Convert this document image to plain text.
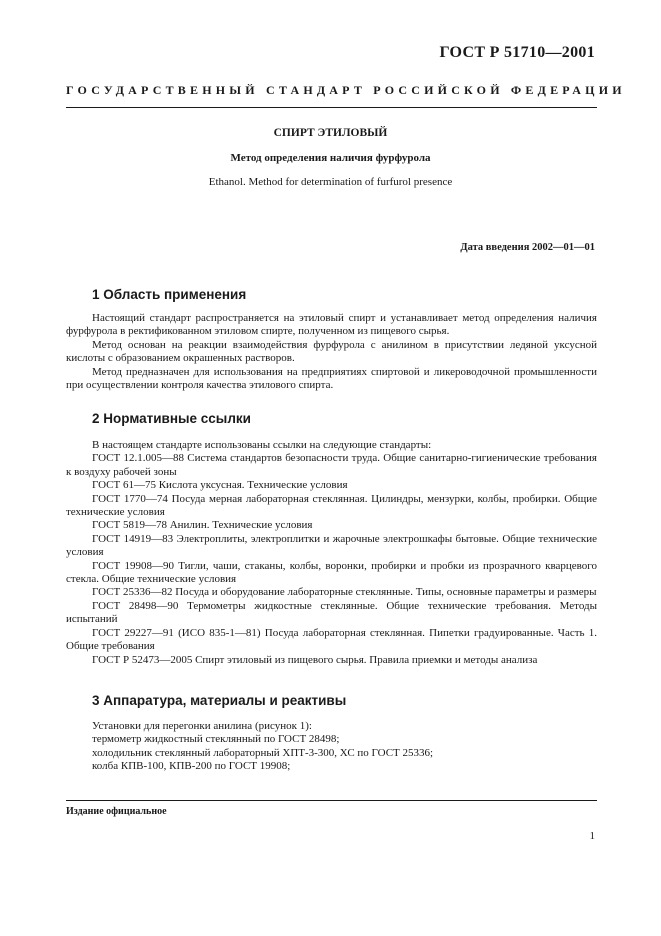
ГОСТ Р 51710—2001
ГОСУДАРСТВЕННЫЙ СТАНДАРТ РОССИЙСКОЙ ФЕДЕРАЦИИ
СПИРТ ЭТИЛОВЫЙ
Метод определения наличия фурфурола
Ethanol. Method for determination of furfurol presence
Дата введения 2002—01—01
1 Область применения

Настоящий стандарт распространяется на этиловый спирт и устанавливает метод определения наличия фурфурола в ректификованном этиловом спирте, полученном из пищевого сырья.

Метод основан на реакции взаимодействия фурфурола с анилином в присутствии ледяной уксусной кислоты с образованием окрашенных растворов.

Метод предназначен для использования на предприятиях спиртовой и ликероводочной промышленности при осуществлении контроля качества этилового спирта.

2 Нормативные ссылки

В настоящем стандарте использованы ссылки на следующие стандарты:

ГОСТ 12.1.005—88 Система стандартов безопасности труда. Общие санитарно-гигиенические требования к воздуху рабочей зоны

ГОСТ 61—75 Кислота уксусная. Технические условия

ГОСТ 1770—74 Посуда мерная лабораторная стеклянная. Цилиндры, мензурки, колбы, пробирки. Общие технические условия

ГОСТ 5819—78 Анилин. Технические условия

ГОСТ 14919—83 Электроплиты, электроплитки и жарочные электрошкафы бытовые. Общие технические условия

ГОСТ 19908—90 Тигли, чаши, стаканы, колбы, воронки, пробирки и пробки из прозрачного кварцевого стекла. Общие технические условия

ГОСТ 25336—82 Посуда и оборудование лабораторные стеклянные. Типы, основные параметры и размеры

ГОСТ 28498—90 Термометры жидкостные стеклянные. Общие технические требования. Методы испытаний

ГОСТ 29227—91 (ИСО 835-1—81) Посуда лабораторная стеклянная. Пипетки градуированные. Часть 1. Общие требования

ГОСТ Р 52473—2005 Спирт этиловый из пищевого сырья. Правила приемки и методы анализа

3 Аппаратура, материалы и реактивы

Установки для перегонки анилина (рисунок 1):

термометр жидкостный стеклянный по ГОСТ 28498;

холодильник стеклянный лабораторный ХПТ-3-300, ХС по ГОСТ 25336;

колба КПВ-100, КПВ-200 по ГОСТ 19908;

Издание официальное
1
